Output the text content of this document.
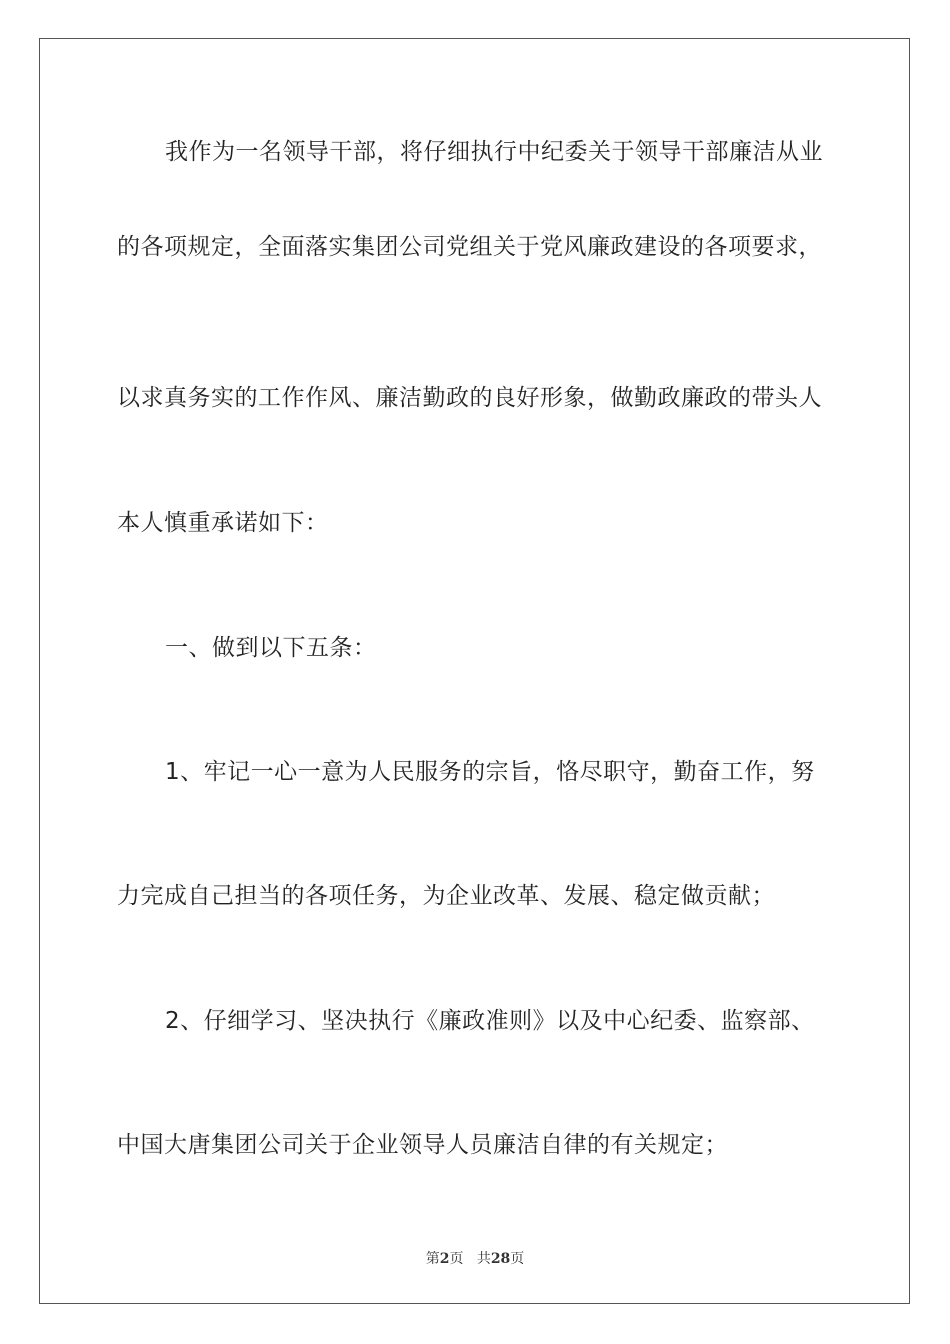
我作为一名领导干部，将仔细执行中纪委关于领导干部廉洁从业

的各项规定，全面落实集团公司党组关于党风廉政建设的各项要求，

以求真务实的工作作风、廉洁勤政的良好形象，做勤政廉政的带头人

本人慎重承诺如下：

一、做到以下五条：

1、牢记一心一意为人民服务的宗旨，恪尽职守，勤奋工作，努

力完成自己担当的各项任务，为企业改革、发展、稳定做贡献；

2、仔细学习、坚决执行《廉政准则》以及中心纪委、监察部、

中国大唐集团公司关于企业领导人员廉洁自律的有关规定；

第2页 共28页
